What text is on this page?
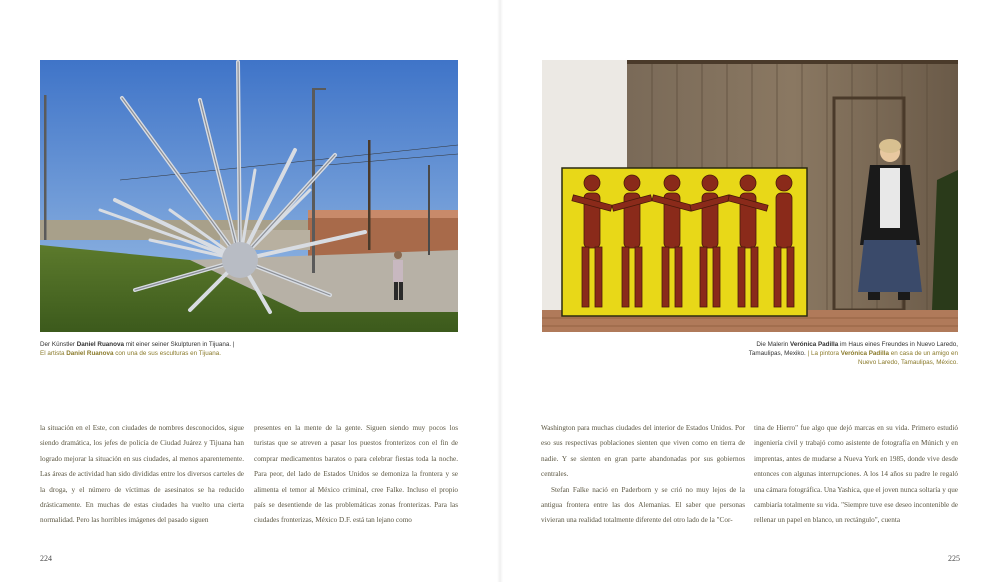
Der Künstler Daniel Ruanova mit einer seiner Skulpturen in Tijuana. |
El artista Daniel Ruanova con una de sus esculturas en Tijuana.

la situación en el Este, con ciudades de nombres desconocidos, sigue siendo dramática, los jefes de policía de Ciudad Juárez y Tijuana han logrado mejorar la situación en sus ciudades, al menos aparentemente. Las áreas de actividad han sido divididas entre los diversos carteles de la droga, y el número de víctimas de asesinatos se ha reducido drásticamente. En muchas de estas ciudades ha vuelto una cierta normalidad. Pero las horribles imágenes del pasado siguen

presentes en la mente de la gente. Siguen siendo muy pocos los turistas que se atreven a pasar los puestos fronterizos con el fin de comprar medicamentos baratos o para celebrar fiestas toda la noche. Para peor, del lado de Estados Unidos se demoniza la frontera y se alimenta el temor al México criminal, cree Falke. Incluso el propio país se desentiende de las problemáticas zonas fronterizas. Para las ciudades fronterizas, México D.F. está tan lejano como

224
Die Malerin Verónica Padilla im Haus eines Freundes in Nuevo Laredo, Tamaulipas, Mexiko. | La pintora Verónica Padilla en casa de un amigo en Nuevo Laredo, Tamaulipas, México.

Washington para muchas ciudades del interior de Estados Unidos. Por eso sus respectivas poblaciones sienten que viven como en tierra de nadie. Y se sienten en gran parte abandonadas por sus gobiernos centrales.

Stefan Falke nació en Paderborn y se crió no muy lejos de la antigua frontera entre las dos Alemanias. El saber que personas vivieran una realidad totalmente diferente del otro lado de la "Cor-

tina de Hierro" fue algo que dejó marcas en su vida. Primero estudió ingeniería civil y trabajó como asistente de fotografía en Múnich y en imprentas, antes de mudarse a Nueva York en 1985, donde vive desde entonces con algunas interrupciones. A los 14 años su padre le regaló una cámara fotográfica. Una Yashica, que el joven nunca soltaría y que cambiaría totalmente su vida. "Siempre tuve ese deseo incontenible de rellenar un papel en blanco, un rectángulo", cuenta

225
